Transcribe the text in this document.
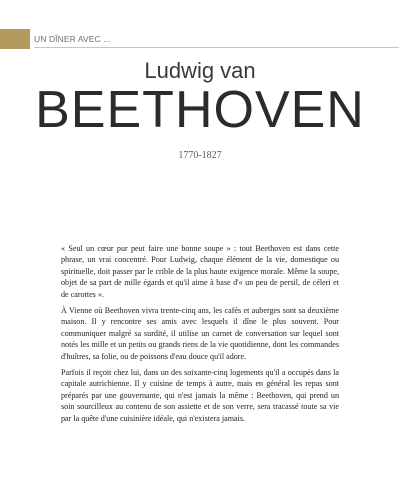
UN DÎNER AVEC ...
Ludwig van
BEETHOVEN
1770-1827

« Seul un cœur pur peut faire une bonne soupe » : tout Beethoven est dans cette phrase, un vrai concentré. Pour Ludwig, chaque élément de la vie, domestique ou spirituelle, doit passer par le crible de la plus haute exigence morale. Même la soupe, objet de sa part de mille égards et qu'il aime à base d'« un peu de persil, de céleri et de carottes ».

À Vienne où Beethoven vivra trente-cinq ans, les cafés et auberges sont sa deuxième maison. Il y rencontre ses amis avec lesquels il dîne le plus souvent. Pour communiquer malgré sa surdité, il utilise un carnet de conversation sur lequel sont notés les mille et un petits ou grands riens de la vie quotidienne, dont les commandes d'huîtres, sa folie, ou de poissons d'eau douce qu'il adore.

Parfois il reçoit chez lui, dans un des soixante-cinq logements qu'il a occupés dans la capitale autrichienne. Il y cuisine de temps à autre, mais en général les repas sont préparés par une gouvernante, qui n'est jamais la même : Beethoven, qui prend un soin sourcilleux au contenu de son assiette et de son verre, sera tracassé toute sa vie par la quête d'une cuisinière idéale, qui n'existera jamais.
